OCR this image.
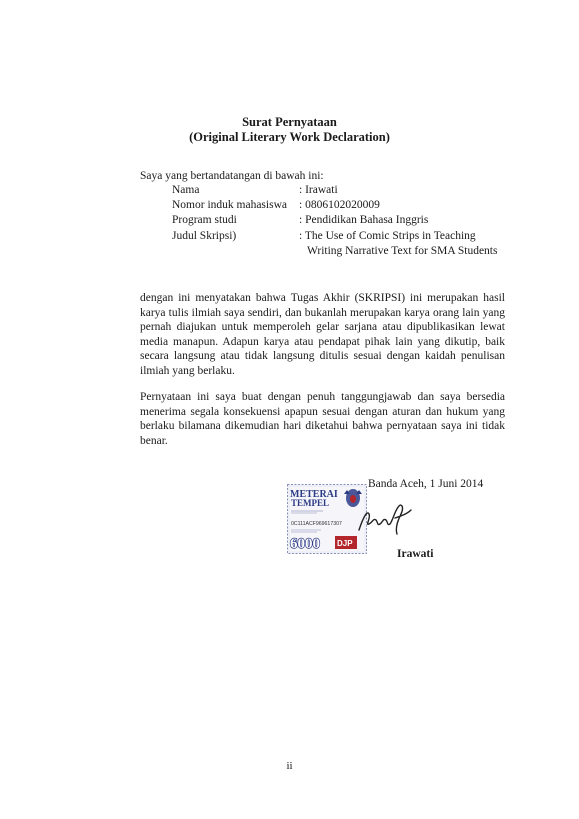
Surat Pernyataan
(Original Literary Work Declaration)
Saya yang bertandatangan di bawah ini:
Nama	: Irawati
Nomor induk mahasiswa : 0806102020009
Program studi	: Pendidikan Bahasa Inggris
Judul Skripsi)	: The Use of Comic Strips in Teaching
Writing Narrative Text for SMA Students
dengan ini menyatakan bahwa Tugas Akhir (SKRIPSI) ini merupakan hasil karya tulis ilmiah saya sendiri, dan bukanlah merupakan karya orang lain yang pernah diajukan untuk memperoleh gelar sarjana atau dipublikasikan lewat media manapun. Adapun karya atau pendapat pihak lain yang dikutip, baik secara langsung atau tidak langsung ditulis sesuai dengan kaidah penulisan ilmiah yang berlaku.
Pernyataan ini saya buat dengan penuh tanggungjawab dan saya bersedia menerima segala konsekuensi apapun sesuai dengan aturan dan hukum yang berlaku bilamana dikemudian hari diketahui bahwa pernyataan saya ini tidak benar.
Banda Aceh, 1 Juni 2014
METERAI
TEMPEL
0C111ACF969617307
6000 DJP
Irawati
ii
